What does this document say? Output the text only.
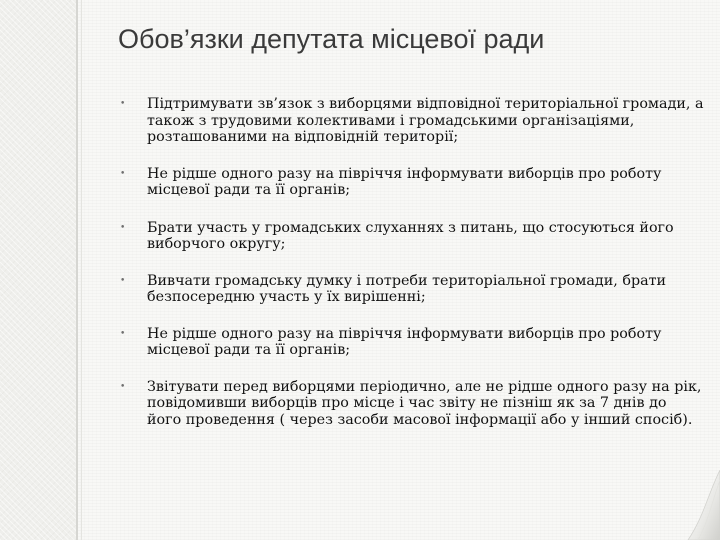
Обов’язки депутата місцевої ради
•	Підтримувати зв’язок з виборцями відповідної територіальної громади, а також з трудовими колективами і громадськими організаціями, розташованими на відповідній території;
•	Не рідше одного разу на півріччя інформувати виборців про роботу місцевої ради та її органів;
•	Брати участь у громадських слуханнях з питань, що стосуються його виборчого округу;
•	Вивчати громадську думку і потреби територіальної громади, брати безпосередню участь у їх вирішенні;
•	Не рідше одного разу на півріччя інформувати виборців про роботу місцевої ради та її органів;
•	Звітувати перед виборцями періодично, але не рідше одного разу на рік, повідомивши виборців про місце і час звіту не пізніш як за 7 днів до його проведення ( через засоби масової інформації або у інший спосіб).
